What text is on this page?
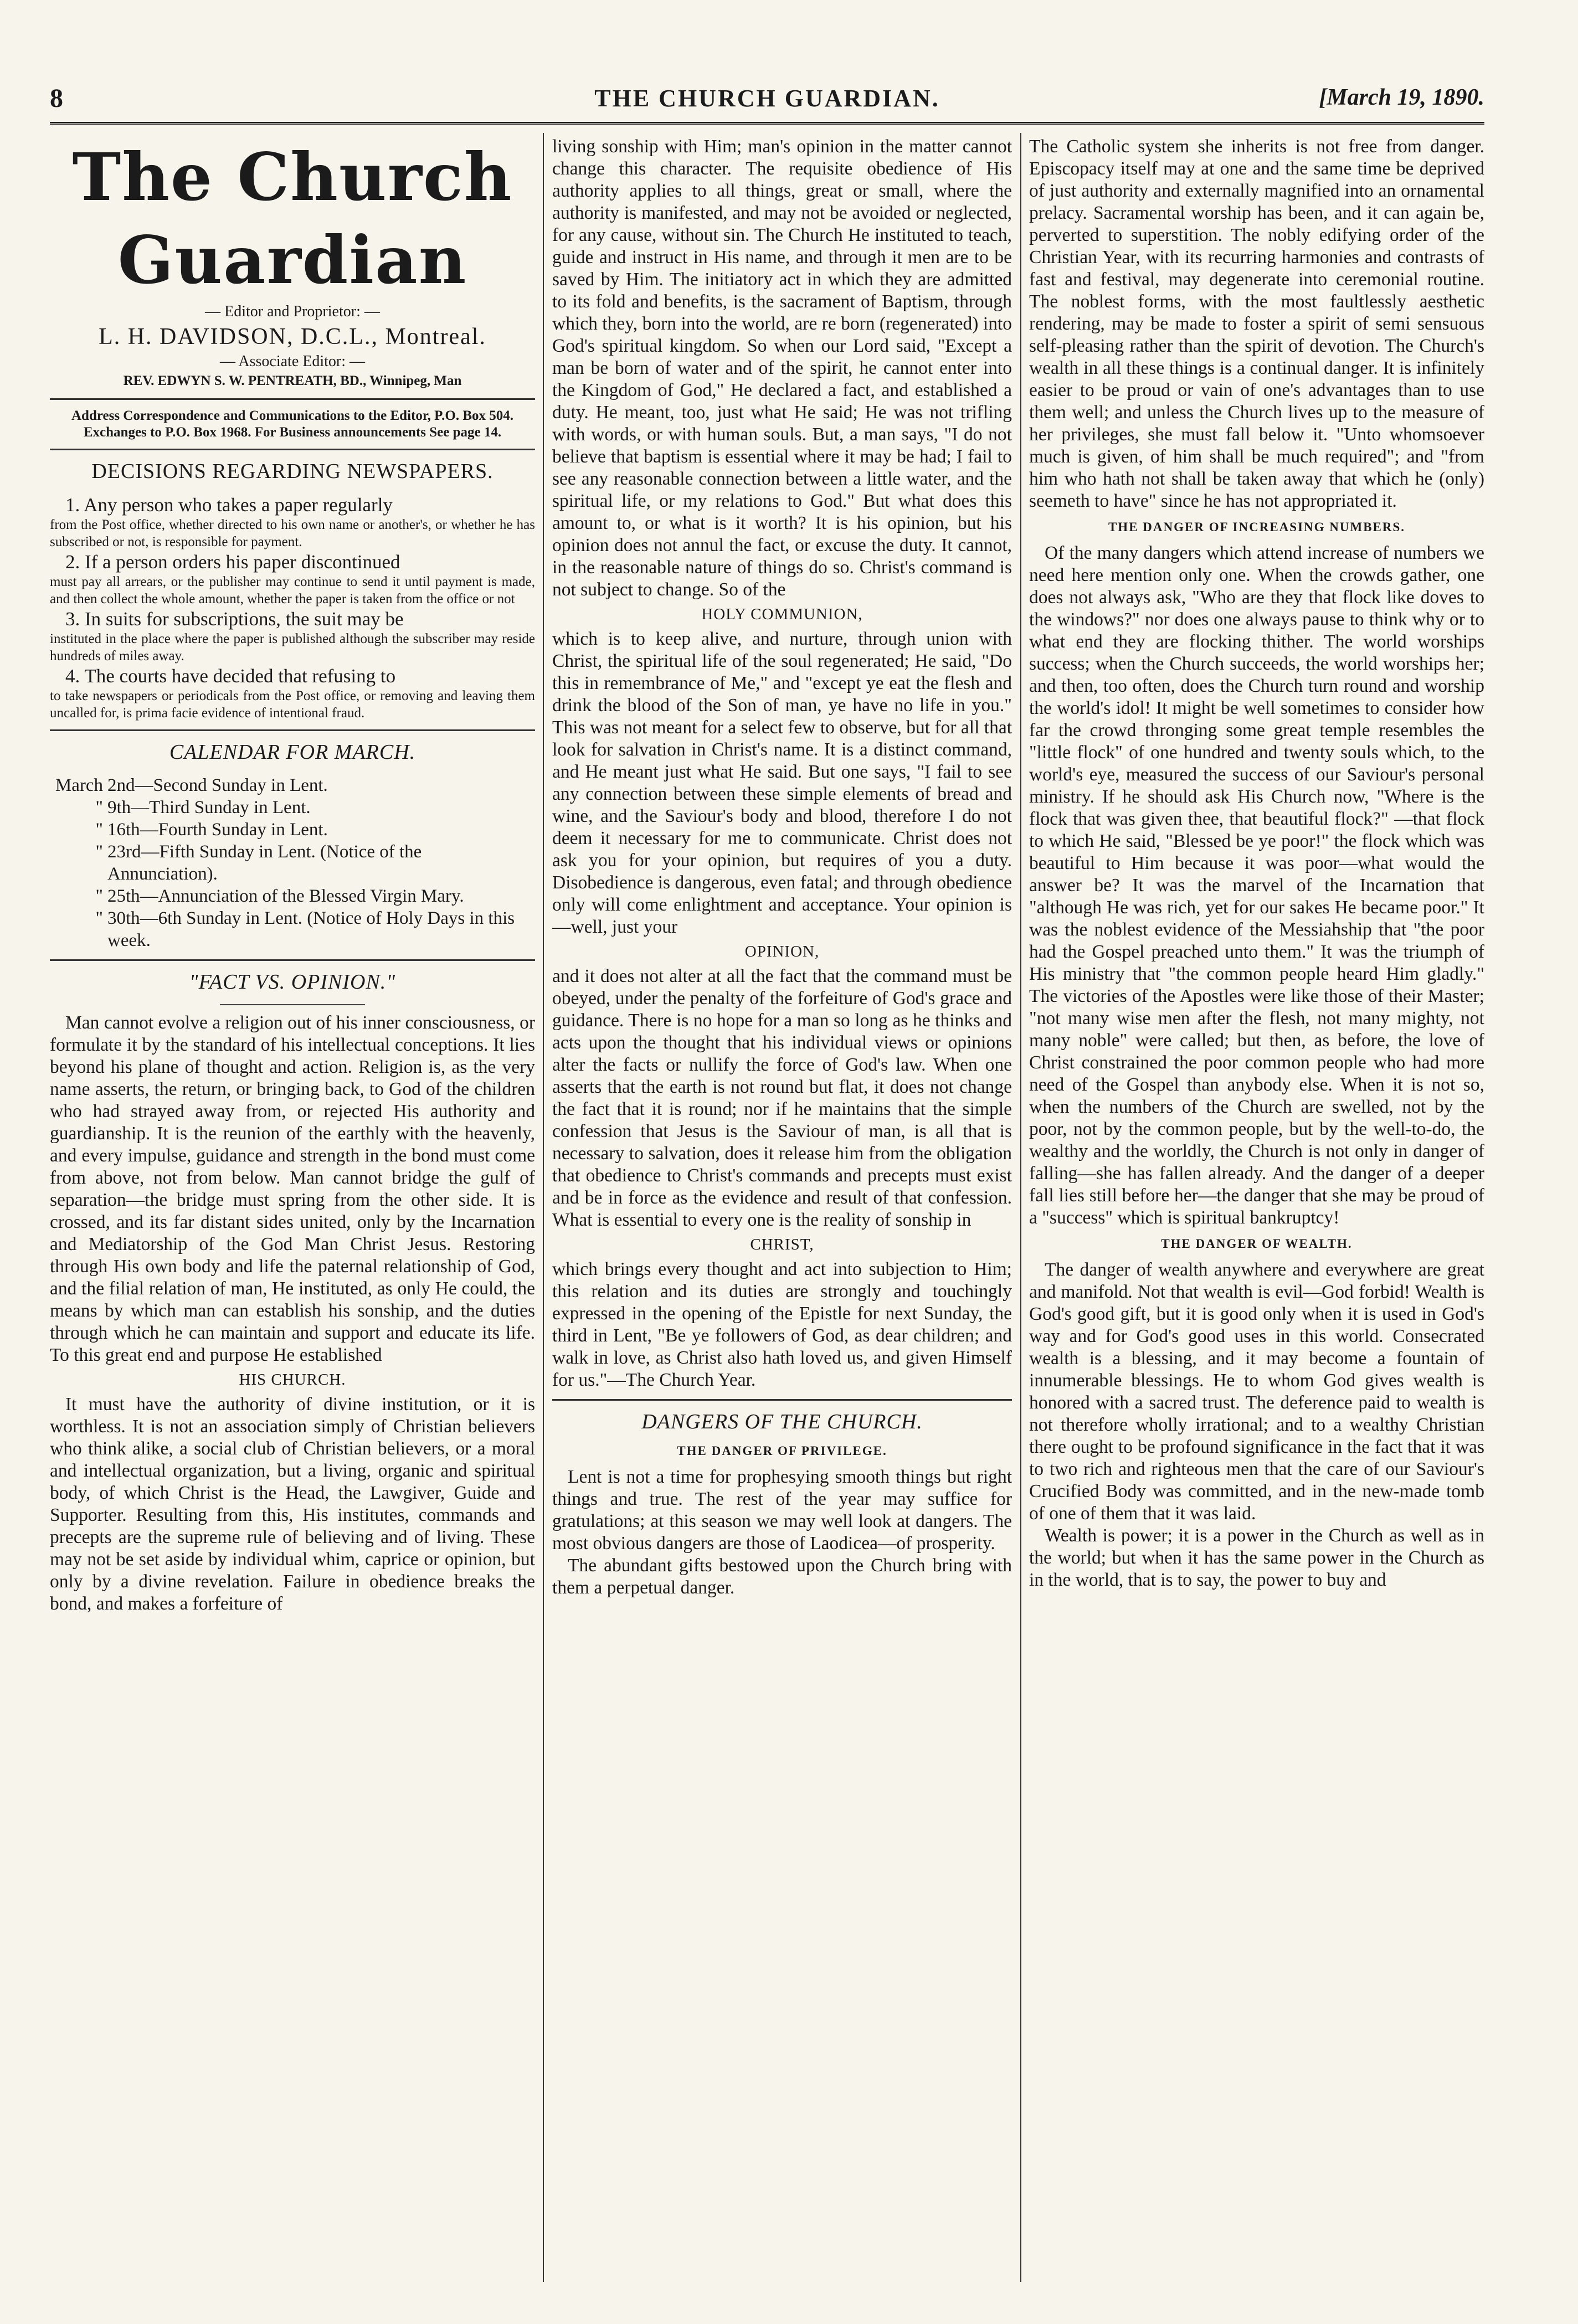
8	THE CHURCH GUARDIAN.	[March 19, 1890.
The Church Guardian
— Editor and Proprietor: —
L. H. DAVIDSON, D.C.L., Montreal.
— Associate Editor: —
REV. EDWYN S. W. PENTREATH, BD., Winnipeg, Man
Address Correspondence and Communications to the Editor, P.O. Box 504. Exchanges to P.O. Box 1968. For Business announcements See page 14.
DECISIONS REGARDING NEWSPAPERS.

1. Any person who takes a paper regularly

from the Post office, whether directed to his own name or another's, or whether he has subscribed or not, is responsible for payment.

2. If a person orders his paper discontinued

must pay all arrears, or the publisher may continue to send it until payment is made, and then collect the whole amount, whether the paper is taken from the office or not

3. In suits for subscriptions, the suit may be

instituted in the place where the paper is published although the subscriber may reside hundreds of miles away.

4. The courts have decided that refusing to

to take newspapers or periodicals from the Post office, or removing and leaving them uncalled for, is prima facie evidence of intentional fraud.

CALENDAR FOR MARCH.
March 2nd—Second Sunday in Lent.
" 9th—Third Sunday in Lent.
" 16th—Fourth Sunday in Lent.
" 23rd—Fifth Sunday in Lent. (Notice of the Annunciation).
" 25th—Annunciation of the Blessed Virgin Mary.
" 30th—6th Sunday in Lent. (Notice of Holy Days in this week.
"FACT VS. OPINION."

Man cannot evolve a religion out of his inner consciousness, or formulate it by the standard of his intellectual conceptions. It lies beyond his plane of thought and action. Religion is, as the very name asserts, the return, or bringing back, to God of the children who had strayed away from, or rejected His authority and guardianship. It is the reunion of the earthly with the heavenly, and every impulse, guidance and strength in the bond must come from above, not from below. Man cannot bridge the gulf of separation—the bridge must spring from the other side. It is crossed, and its far distant sides united, only by the Incarnation and Mediatorship of the God Man Christ Jesus. Restoring through His own body and life the paternal relationship of God, and the filial relation of man, He instituted, as only He could, the means by which man can establish his sonship, and the duties through which he can maintain and support and educate its life. To this great end and purpose He established

HIS CHURCH.

It must have the authority of divine institution, or it is worthless. It is not an association simply of Christian believers who think alike, a social club of Christian believers, or a moral and intellectual organization, but a living, organic and spiritual body, of which Christ is the Head, the Lawgiver, Guide and Supporter. Resulting from this, His institutes, commands and precepts are the supreme rule of believing and of living. These may not be set aside by individual whim, caprice or opinion, but only by a divine revelation. Failure in obedience breaks the bond, and makes a forfeiture of

living sonship with Him; man's opinion in the matter cannot change this character. The requisite obedience of His authority applies to all things, great or small, where the authority is manifested, and may not be avoided or neglected, for any cause, without sin. The Church He instituted to teach, guide and instruct in His name, and through it men are to be saved by Him. The initiatory act in which they are admitted to its fold and benefits, is the sacrament of Baptism, through which they, born into the world, are re born (regenerated) into God's spiritual kingdom. So when our Lord said, "Except a man be born of water and of the spirit, he cannot enter into the Kingdom of God," He declared a fact, and established a duty. He meant, too, just what He said; He was not trifling with words, or with human souls. But, a man says, "I do not believe that baptism is essential where it may be had; I fail to see any reasonable connection between a little water, and the spiritual life, or my relations to God." But what does this amount to, or what is it worth? It is his opinion, but his opinion does not annul the fact, or excuse the duty. It cannot, in the reasonable nature of things do so. Christ's command is not subject to change. So of the

HOLY COMMUNION,

which is to keep alive, and nurture, through union with Christ, the spiritual life of the soul regenerated; He said, "Do this in remembrance of Me," and "except ye eat the flesh and drink the blood of the Son of man, ye have no life in you." This was not meant for a select few to observe, but for all that look for salvation in Christ's name. It is a distinct command, and He meant just what He said. But one says, "I fail to see any connection between these simple elements of bread and wine, and the Saviour's body and blood, therefore I do not deem it necessary for me to communicate. Christ does not ask you for your opinion, but requires of you a duty. Disobedience is dangerous, even fatal; and through obedience only will come enlightment and acceptance. Your opinion is—well, just your

OPINION,

and it does not alter at all the fact that the command must be obeyed, under the penalty of the forfeiture of God's grace and guidance. There is no hope for a man so long as he thinks and acts upon the thought that his individual views or opinions alter the facts or nullify the force of God's law. When one asserts that the earth is not round but flat, it does not change the fact that it is round; nor if he maintains that the simple confession that Jesus is the Saviour of man, is all that is necessary to salvation, does it release him from the obligation that obedience to Christ's commands and precepts must exist and be in force as the evidence and result of that confession. What is essential to every one is the reality of sonship in

CHRIST,

which brings every thought and act into subjection to Him; this relation and its duties are strongly and touchingly expressed in the opening of the Epistle for next Sunday, the third in Lent, "Be ye followers of God, as dear children; and walk in love, as Christ also hath loved us, and given Himself for us."—The Church Year.

DANGERS OF THE CHURCH.
THE DANGER OF PRIVILEGE.

Lent is not a time for prophesying smooth things but right things and true. The rest of the year may suffice for gratulations; at this season we may well look at dangers. The most obvious dangers are those of Laodicea—of prosperity.

The abundant gifts bestowed upon the Church bring with them a perpetual danger.

The Catholic system she inherits is not free from danger. Episcopacy itself may at one and the same time be deprived of just authority and externally magnified into an ornamental prelacy. Sacramental worship has been, and it can again be, perverted to superstition. The nobly edifying order of the Christian Year, with its recurring harmonies and contrasts of fast and festival, may degenerate into ceremonial routine. The noblest forms, with the most faultlessly aesthetic rendering, may be made to foster a spirit of semi sensuous self-pleasing rather than the spirit of devotion. The Church's wealth in all these things is a continual danger. It is infinitely easier to be proud or vain of one's advantages than to use them well; and unless the Church lives up to the measure of her privileges, she must fall below it. "Unto whomsoever much is given, of him shall be much required"; and "from him who hath not shall be taken away that which he (only) seemeth to have" since he has not appropriated it.

THE DANGER OF INCREASING NUMBERS.

Of the many dangers which attend increase of numbers we need here mention only one. When the crowds gather, one does not always ask, "Who are they that flock like doves to the windows?" nor does one always pause to think why or to what end they are flocking thither. The world worships success; when the Church succeeds, the world worships her; and then, too often, does the Church turn round and worship the world's idol! It might be well sometimes to consider how far the crowd thronging some great temple resembles the "little flock" of one hundred and twenty souls which, to the world's eye, measured the success of our Saviour's personal ministry. If he should ask His Church now, "Where is the flock that was given thee, that beautiful flock?" —that flock to which He said, "Blessed be ye poor!" the flock which was beautiful to Him because it was poor—what would the answer be? It was the marvel of the Incarnation that "although He was rich, yet for our sakes He became poor." It was the noblest evidence of the Messiahship that "the poor had the Gospel preached unto them." It was the triumph of His ministry that "the common people heard Him gladly." The victories of the Apostles were like those of their Master; "not many wise men after the flesh, not many mighty, not many noble" were called; but then, as before, the love of Christ constrained the poor common people who had more need of the Gospel than anybody else. When it is not so, when the numbers of the Church are swelled, not by the poor, not by the common people, but by the well-to-do, the wealthy and the worldly, the Church is not only in danger of falling—she has fallen already. And the danger of a deeper fall lies still before her—the danger that she may be proud of a "success" which is spiritual bankruptcy!

THE DANGER OF WEALTH.

The danger of wealth anywhere and everywhere are great and manifold. Not that wealth is evil—God forbid! Wealth is God's good gift, but it is good only when it is used in God's way and for God's good uses in this world. Consecrated wealth is a blessing, and it may become a fountain of innumerable blessings. He to whom God gives wealth is honored with a sacred trust. The deference paid to wealth is not therefore wholly irrational; and to a wealthy Christian there ought to be profound significance in the fact that it was to two rich and righteous men that the care of our Saviour's Crucified Body was committed, and in the new-made tomb of one of them that it was laid.

Wealth is power; it is a power in the Church as well as in the world; but when it has the same power in the Church as in the world, that is to say, the power to buy and
